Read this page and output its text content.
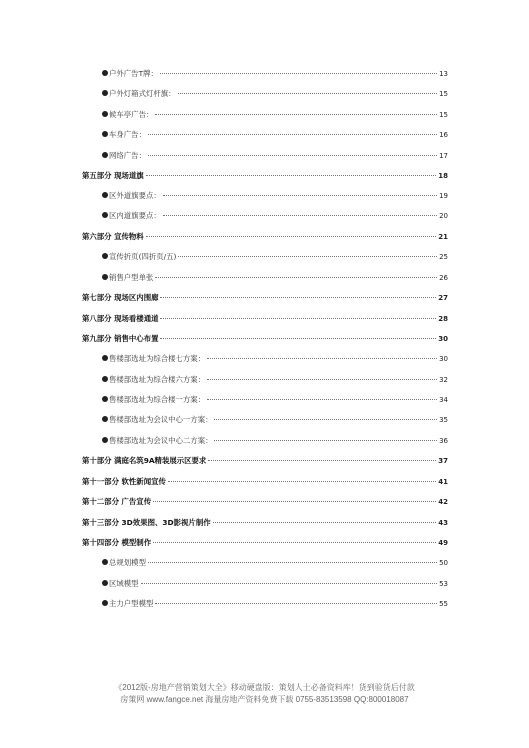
户外广告T牌：	13
户外灯箱式灯杆旗：	15
候车亭广告：	15
车身广告：	16
网络广告：	17
第五部分 现场道旗	18
区外道旗要点：	19
区内道旗要点：	20
第六部分 宣传物料	21
宣传折页(四折页/五)	25
销售户型单张	26
第七部分 现场区内围廊	27
第八部分 现场看楼通道	28
第九部分 销售中心布置	30
售楼部选址为综合楼七方案：	30
售楼部选址为综合楼六方案：	32
售楼部选址为综合楼一方案：	34
售楼部选址为会议中心一方案：	35
售楼部选址为会议中心二方案：	36
第十部分 满庭名筑9A精装展示区要求	37
第十一部分 软性新闻宣传	41
第十二部分 广告宣传	42
第十三部分 3D效果图、3D影视片制作	43
第十四部分 模型制作	49
总规划模型	50
区域模型	53
主力户型模型	55
《2012版-房地产营销策划大全》移动硬盘版：策划人士必备资料库！货到验货后付款
房策网 www.fangce.net 海量房地产资料免费下载 0755-83513598 QQ:800018087
